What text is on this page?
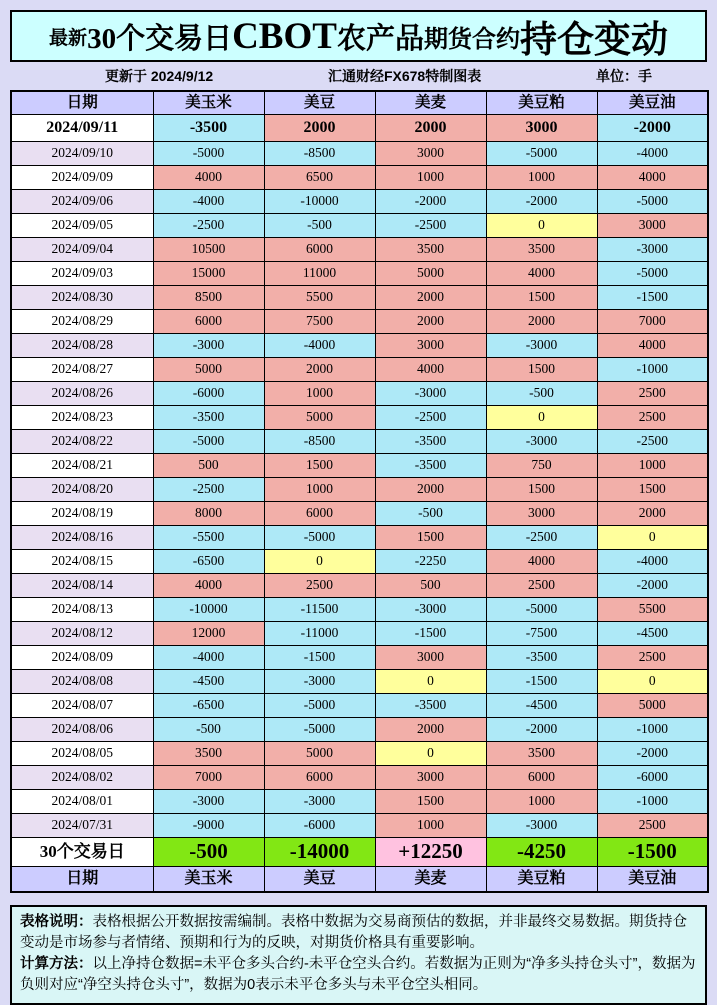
最新 30个交易日 CBOT 农产品 期货合约 持仓变动
更新于 2024/9/12	汇通财经FX678特制图表	单位：手
日期	美玉米	美豆	美麦	美豆粕	美豆油
2024/09/11	-3500	2000	2000	3000	-2000
2024/09/10	-5000	-8500	3000	-5000	-4000
2024/09/09	4000	6500	1000	1000	4000
2024/09/06	-4000	-10000	-2000	-2000	-5000
2024/09/05	-2500	-500	-2500	0	3000
2024/09/04	10500	6000	3500	3500	-3000
2024/09/03	15000	11000	5000	4000	-5000
2024/08/30	8500	5500	2000	1500	-1500
2024/08/29	6000	7500	2000	2000	7000
2024/08/28	-3000	-4000	3000	-3000	4000
2024/08/27	5000	2000	4000	1500	-1000
2024/08/26	-6000	1000	-3000	-500	2500
2024/08/23	-3500	5000	-2500	0	2500
2024/08/22	-5000	-8500	-3500	-3000	-2500
2024/08/21	500	1500	-3500	750	1000
2024/08/20	-2500	1000	2000	1500	1500
2024/08/19	8000	6000	-500	3000	2000
2024/08/16	-5500	-5000	1500	-2500	0
2024/08/15	-6500	0	-2250	4000	-4000
2024/08/14	4000	2500	500	2500	-2000
2024/08/13	-10000	-11500	-3000	-5000	5500
2024/08/12	12000	-11000	-1500	-7500	-4500
2024/08/09	-4000	-1500	3000	-3500	2500
2024/08/08	-4500	-3000	0	-1500	0
2024/08/07	-6500	-5000	-3500	-4500	5000
2024/08/06	-500	-5000	2000	-2000	-1000
2024/08/05	3500	5000	0	3500	-2000
2024/08/02	7000	6000	3000	6000	-6000
2024/08/01	-3000	-3000	1500	1000	-1000
2024/07/31	-9000	-6000	1000	-3000	2500
30个交易日	-500	-14000	+12250	-4250	-1500
日期	美玉米	美豆	美麦	美豆粕	美豆油
表格说明：表格根据公开数据按需编制。表格中数据为交易商预估的数据，并非最终交易数据。期货持仓变动是市场参与者情绪、预期和行为的反映，对期货价格具有重要影响。
计算方法：以上净持仓数据=未平仓多头合约-未平仓空头合约。若数据为正则为“净多头持仓头寸”，数据为负则对应“净空头持仓头寸”，数据为0表示未平仓多头与未平仓空头相同。
